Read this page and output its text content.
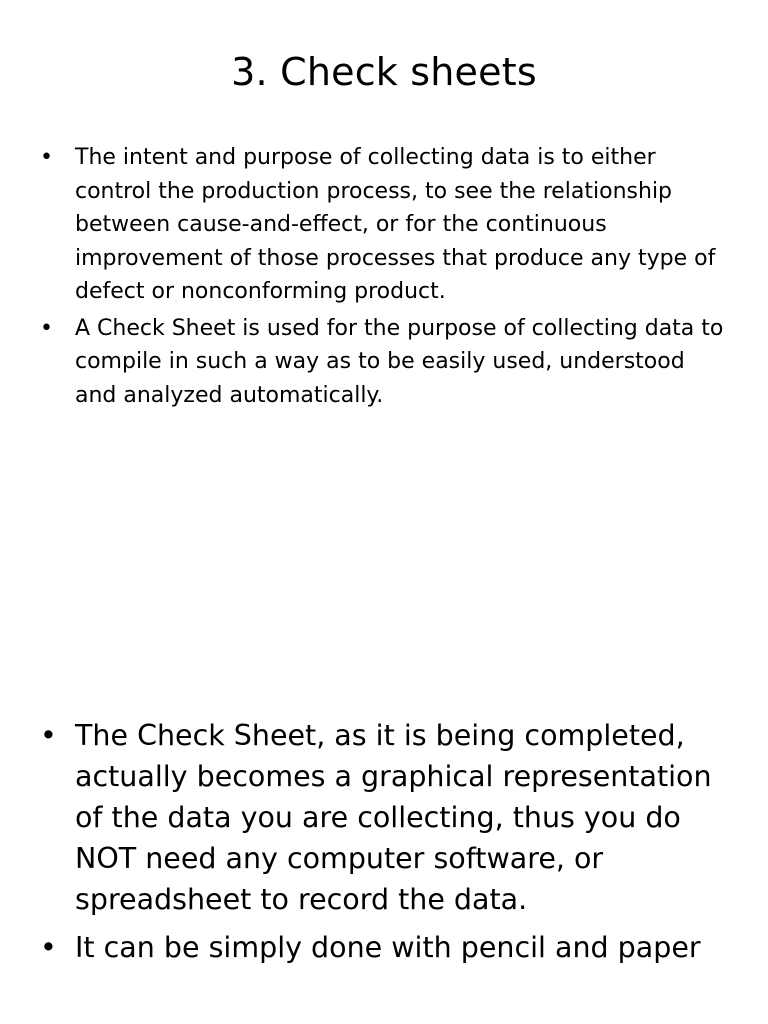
3. Check sheets
• The intent and purpose of collecting data is to either control the production process, to see the relationship between cause-and-effect, or for the continuous improvement of those processes that produce any type of defect or nonconforming product.
• A Check Sheet is used for the purpose of collecting data to compile in such a way as to be easily used, understood and analyzed automatically.
• The Check Sheet, as it is being completed, actually becomes a graphical representation of the data you are collecting, thus you do NOT need any computer software, or spreadsheet to record the data.
• It can be simply done with pencil and paper
